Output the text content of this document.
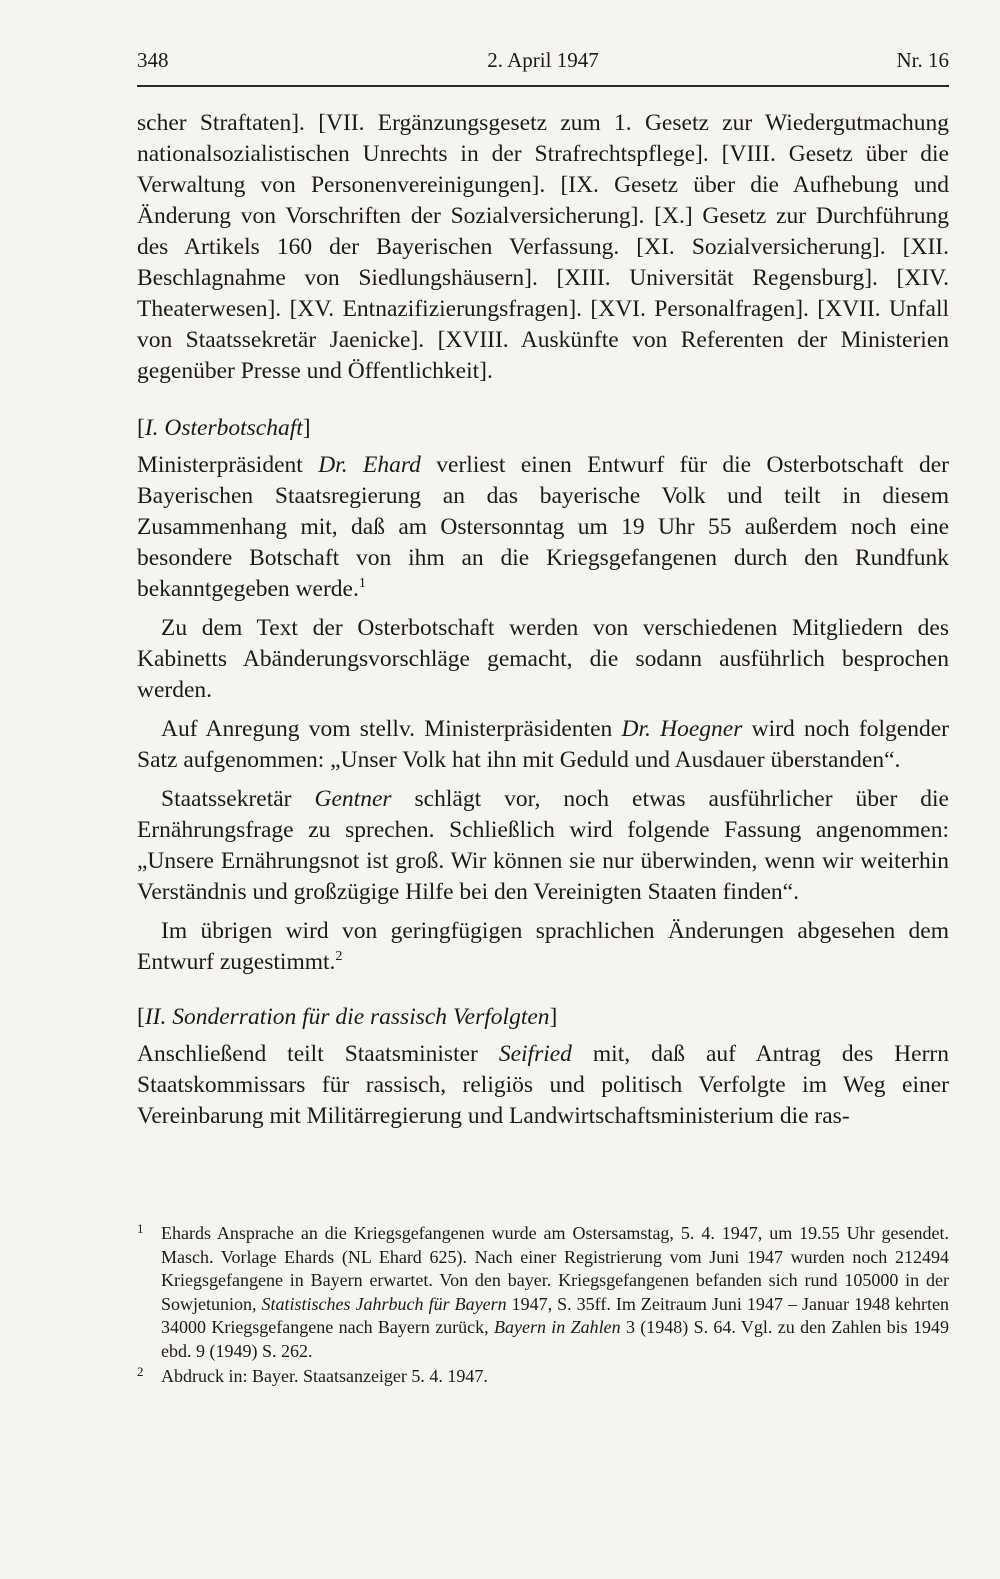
348	2. April 1947	Nr. 16

scher Straftaten]. [VII. Ergänzungsgesetz zum 1. Gesetz zur Wiedergutmachung nationalsozialistischen Unrechts in der Strafrechtspflege]. [VIII. Gesetz über die Verwaltung von Personenvereinigungen]. [IX. Gesetz über die Aufhebung und Änderung von Vorschriften der Sozialversicherung]. [X.] Gesetz zur Durchführung des Artikels 160 der Bayerischen Verfassung. [XI. Sozialversicherung]. [XII. Beschlagnahme von Siedlungshäusern]. [XIII. Universität Regensburg]. [XIV. Theaterwesen]. [XV. Entnazifizierungsfragen]. [XVI. Personalfragen]. [XVII. Unfall von Staatssekretär Jaenicke]. [XVIII. Auskünfte von Referenten der Ministerien gegenüber Presse und Öffentlichkeit].

[I. Osterbotschaft]

Ministerpräsident Dr. Ehard verliest einen Entwurf für die Osterbotschaft der Bayerischen Staatsregierung an das bayerische Volk und teilt in diesem Zusammenhang mit, daß am Ostersonntag um 19 Uhr 55 außerdem noch eine besondere Botschaft von ihm an die Kriegsgefangenen durch den Rundfunk bekanntgegeben werde.$^1$

Zu dem Text der Osterbotschaft werden von verschiedenen Mitgliedern des Kabinetts Abänderungsvorschläge gemacht, die sodann ausführlich besprochen werden.

Auf Anregung vom stellv. Ministerpräsidenten Dr. Hoegner wird noch folgender Satz aufgenommen: „Unser Volk hat ihn mit Geduld und Ausdauer überstanden“.

Staatssekretär Gentner schlägt vor, noch etwas ausführlicher über die Ernährungsfrage zu sprechen. Schließlich wird folgende Fassung angenommen: „Unsere Ernährungsnot ist groß. Wir können sie nur überwinden, wenn wir weiterhin Verständnis und großzügige Hilfe bei den Vereinigten Staaten finden“.

Im übrigen wird von geringfügigen sprachlichen Änderungen abgesehen dem Entwurf zugestimmt.$^2$

[II. Sonderration für die rassisch Verfolgten]

Anschließend teilt Staatsminister Seifried mit, daß auf Antrag des Herrn Staatskommissars für rassisch, religiös und politisch Verfolgte im Weg einer Vereinbarung mit Militärregierung und Landwirtschaftsministerium die ras-

1 Ehards Ansprache an die Kriegsgefangenen wurde am Ostersamstag, 5. 4. 1947, um 19.55 Uhr gesendet. Masch. Vorlage Ehards (NL Ehard 625). Nach einer Registrierung vom Juni 1947 wurden noch 212494 Kriegsgefangene in Bayern erwartet. Von den bayer. Kriegsgefangenen befanden sich rund 105000 in der Sowjetunion, Statistisches Jahrbuch für Bayern 1947, S. 35ff. Im Zeitraum Juni 1947 – Januar 1948 kehrten 34000 Kriegsgefangene nach Bayern zurück, Bayern in Zahlen 3 (1948) S. 64. Vgl. zu den Zahlen bis 1949 ebd. 9 (1949) S. 262.

2 Abdruck in: Bayer. Staatsanzeiger 5. 4. 1947.
